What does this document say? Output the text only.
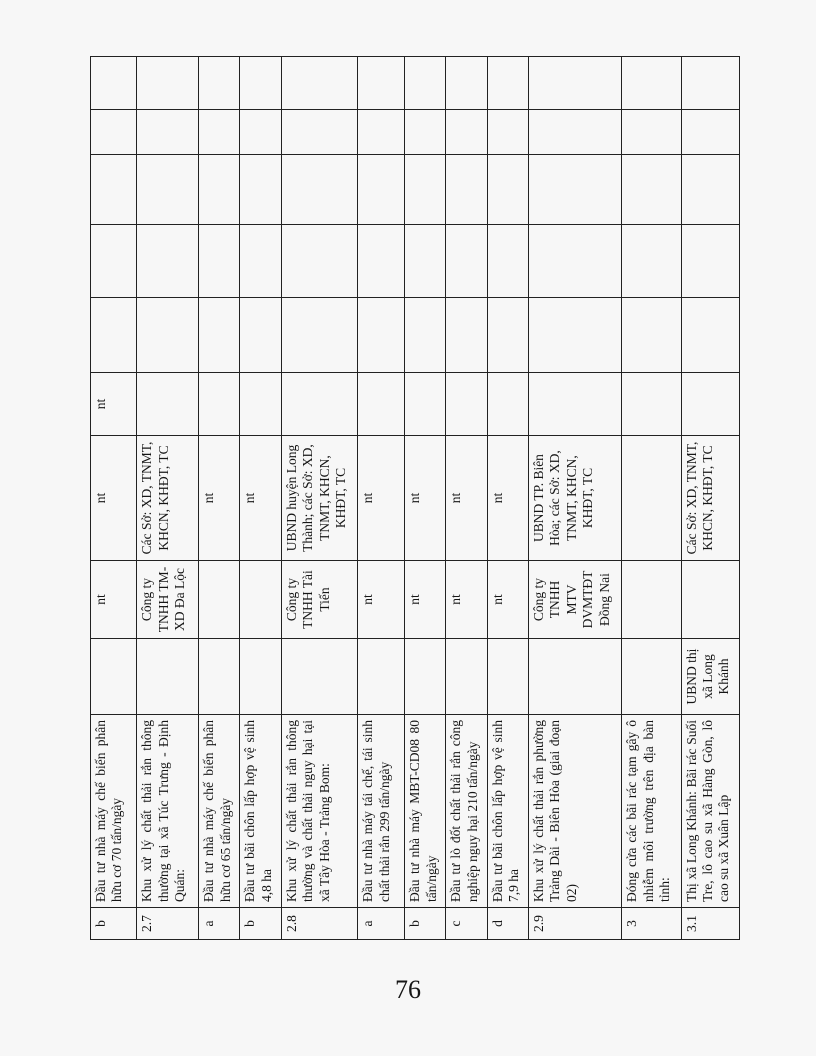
b	Đầu tư nhà máy chế biến phân hữu cơ 70 tấn/ngày		nt	nt	nt					
2.7	Khu xử lý chất thải rắn thông thường tại xã Túc Trưng - Định Quán:		Công ty TNHH TM-XD Đa Lộc	Các Sở: XD, TNMT, KHCN, KHĐT, TC						
a	Đầu tư nhà máy chế biến phân hữu cơ 65 tấn/ngày			nt						
b	Đầu tư bãi chôn lấp hợp vệ sinh 4,8 ha			nt						
2.8	Khu xử lý chất thải rắn thông thường và chất thải nguy hại tại xã Tây Hòa - Trảng Bom:		Công ty TNHH Tài Tiến	UBND huyện Long Thành; các Sở: XD, TNMT, KHCN, KHĐT, TC						
a	Đầu tư nhà máy tái chế, tái sinh chất thải rắn 299 tấn/ngày		nt	nt						
b	Đầu tư nhà máy MBT-CD08 80 tấn/ngày		nt	nt						
c	Đầu tư lò đốt chất thải rắn công nghiệp nguy hại 210 tấn/ngày		nt	nt						
d	Đầu tư bãi chôn lấp hợp vệ sinh 7,9 ha		nt	nt						
2.9	Khu xử lý chất thải rắn phường Trảng Dài - Biên Hòa (giai đoạn 02)		Công ty TNHH MTV DVMTĐT Đồng Nai	UBND TP. Biên Hòa; các Sở: XD, TNMT, KHCN, KHĐT, TC						
3	Đóng cửa các bãi rác tạm gây ô nhiễm môi trường trên địa bàn tỉnh:									
3.1	Thị xã Long Khánh: Bãi rác Suối Tre, lô cao su xã Hàng Gòn, lô cao su xã Xuân Lập	UBND thị xã Long Khánh		Các Sở: XD, TNMT, KHCN, KHĐT, TC						
76
